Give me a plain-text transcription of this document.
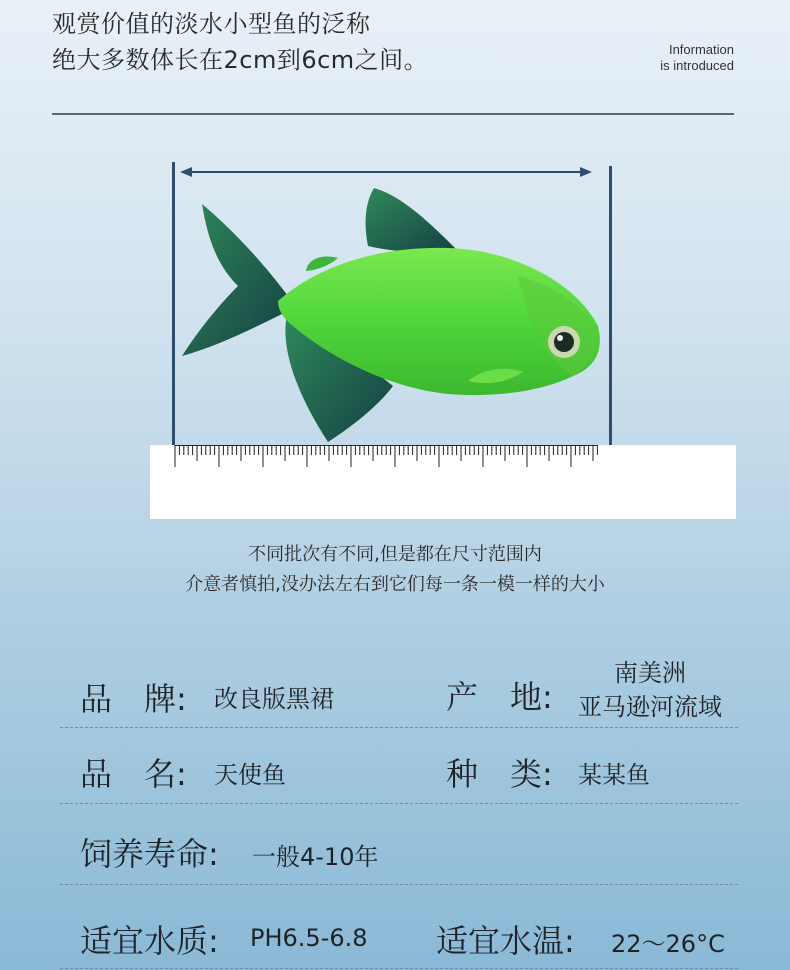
观赏价值的淡水小型鱼的泛称
绝大多数体长在2cm到6cm之间。	Information
is introduced
不同批次有不同,但是都在尺寸范围内
介意者慎拍,没办法左右到它们每一条一模一样的大小
品　牌: 改良版黑裙	产　地:
南美洲
亚马逊河流域
品　名: 天使鱼	种　类: 某某鱼
饲养寿命: 一般4-10年
适宜水质: PH6.5-6.8 适宜水温: 22～26°C
